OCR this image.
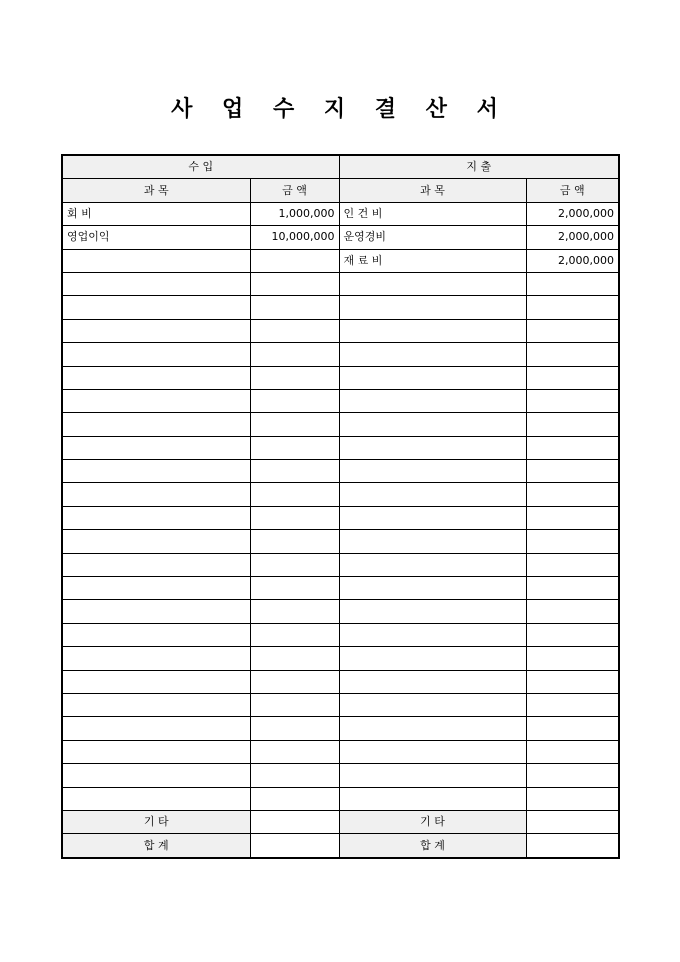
사 업 수 지 결 산 서
수 입		지 출	
과 목	금 액	과 목	금 액
회 비	1,000,000	인 건 비	2,000,000
영업이익	10,000,000	운영경비	2,000,000
		재 료 비	2,000,000

기 타		기 타	
합 계		합 계	
